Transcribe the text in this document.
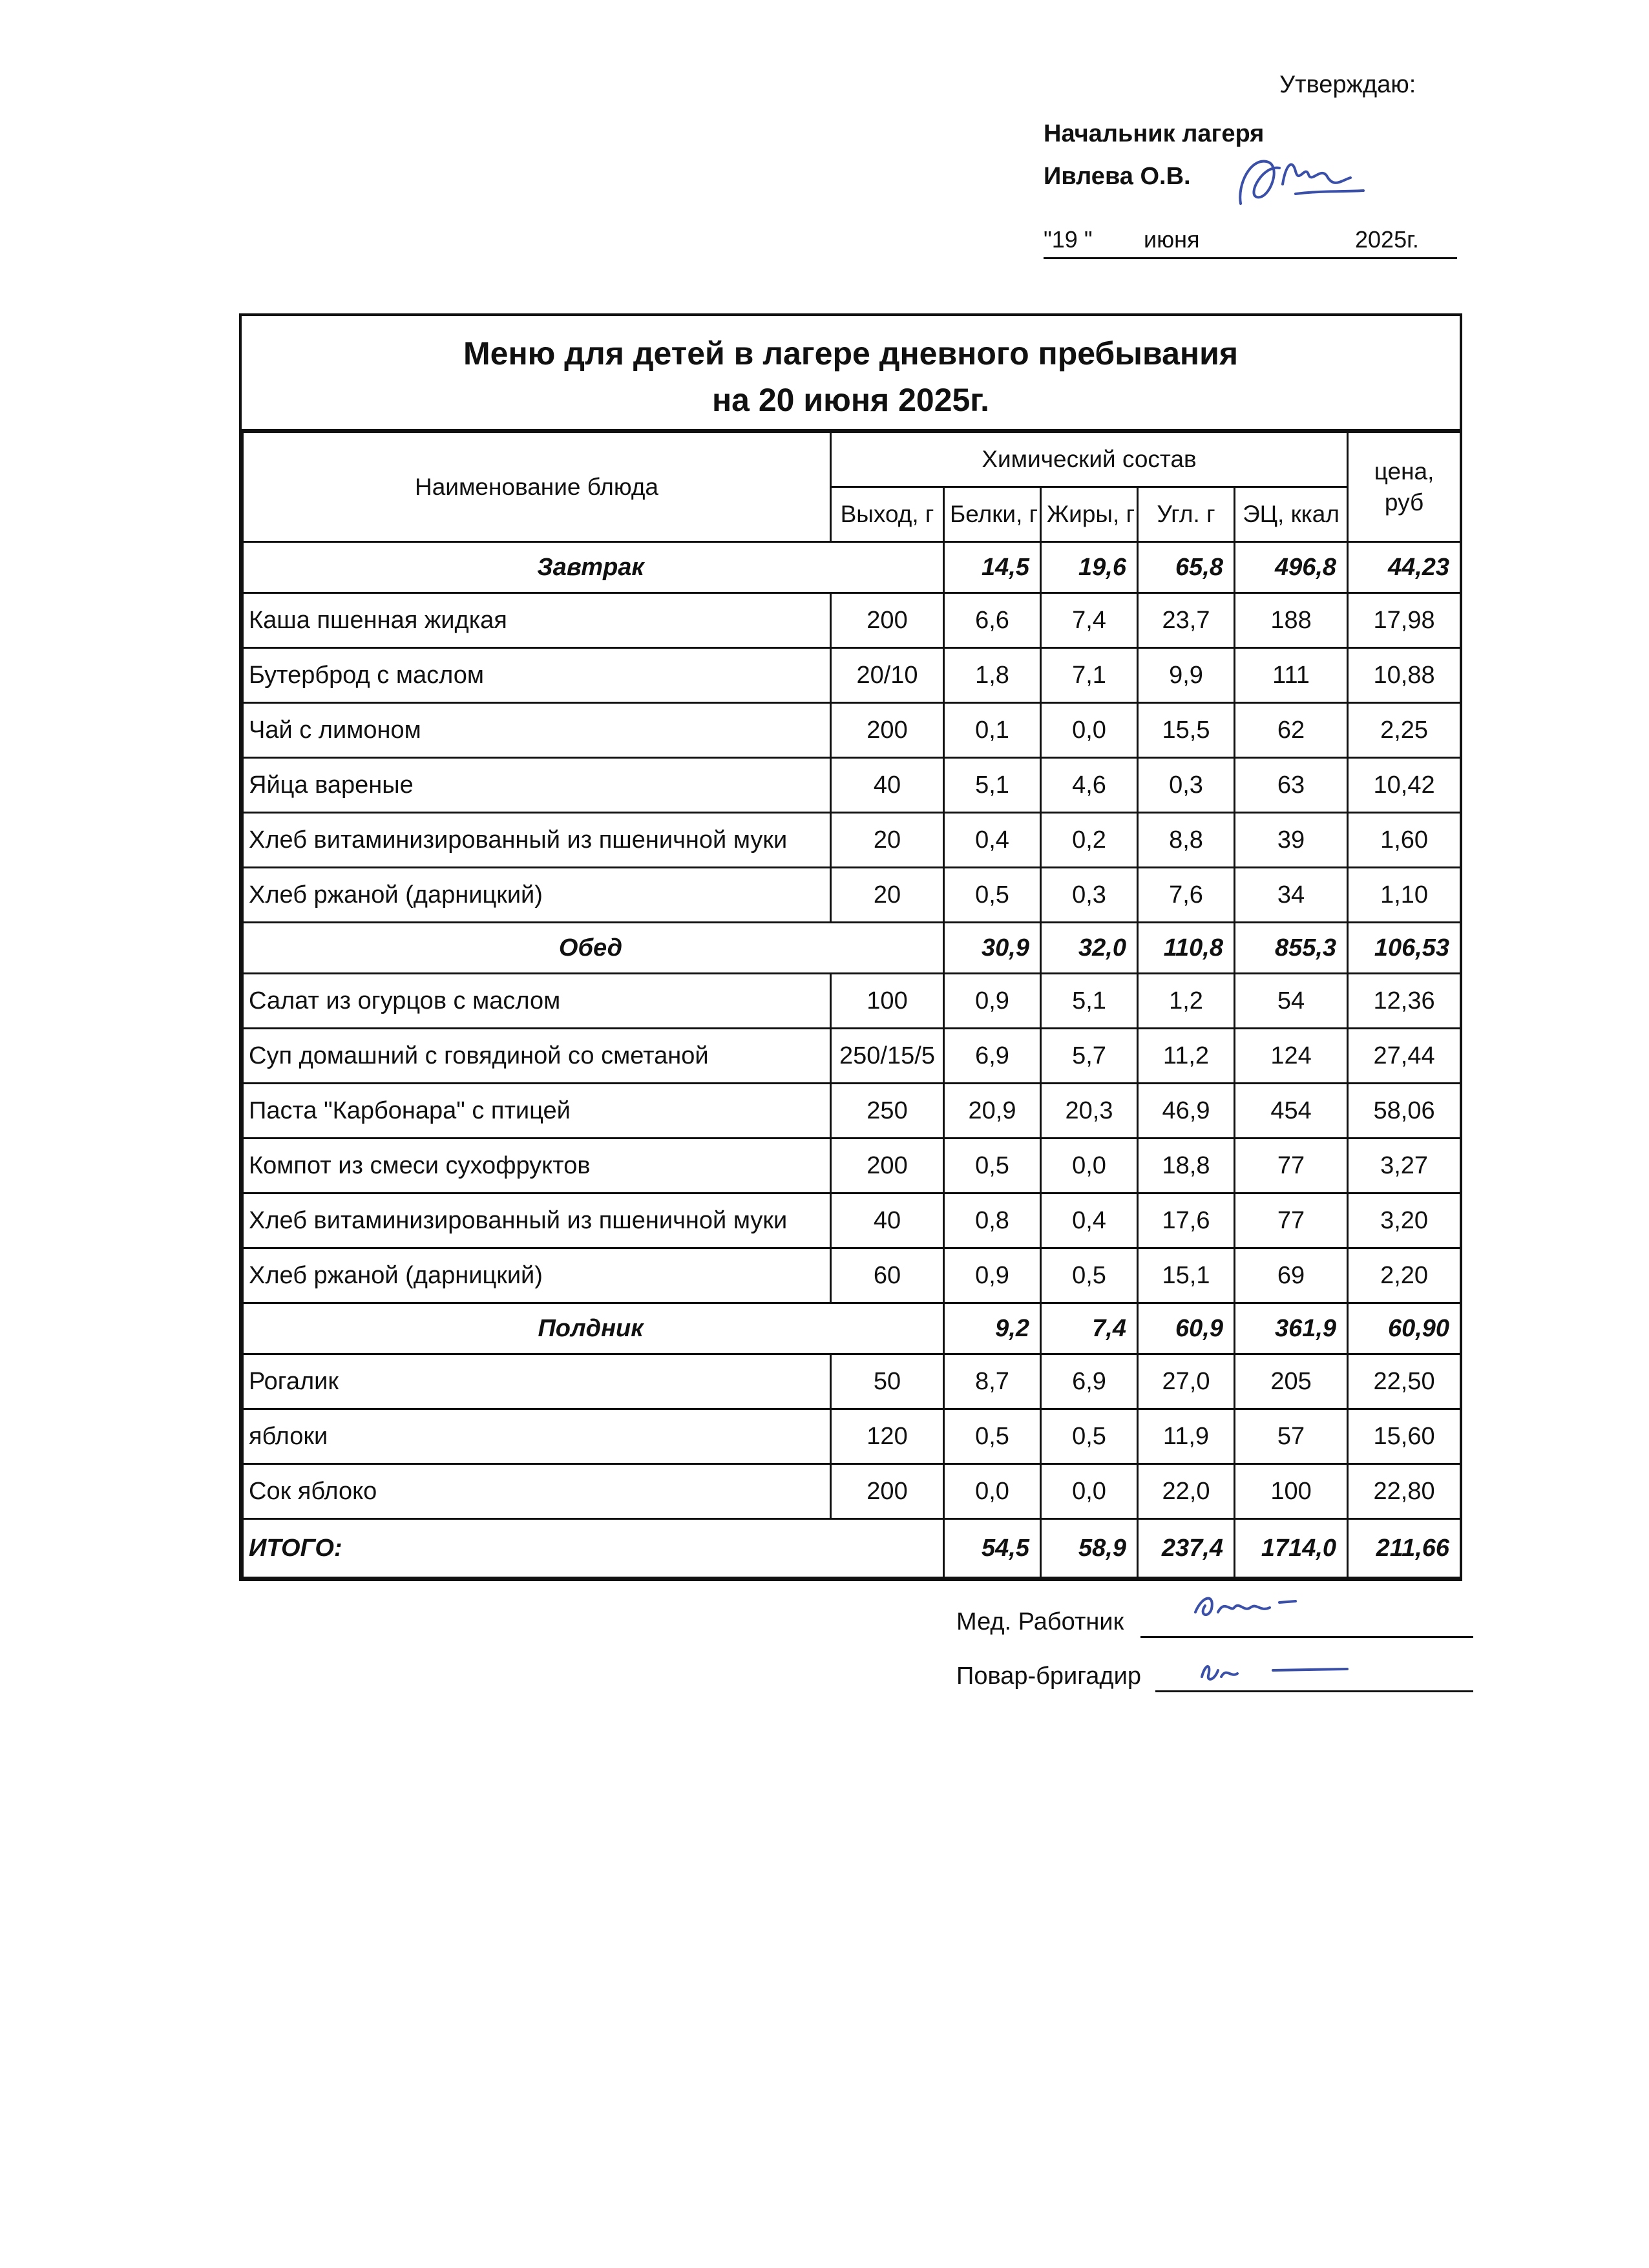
Утверждаю:
Начальник лагеря
Ивлева О.В.
"19 " июня	2025г.
Меню для детей в лагере дневного пребывания
на 20 июня 2025г.
Наименование блюда	Химический состав					цена, руб
	Выход, г	Белки, г	Жиры, г	Угл. г	ЭЦ, ккал	
Завтрак		14,5	19,6	65,8	496,8	44,23
Каша пшенная жидкая	200	6,6	7,4	23,7	188	17,98
Бутерброд с маслом	20/10	1,8	7,1	9,9	111	10,88
Чай с лимоном	200	0,1	0,0	15,5	62	2,25
Яйца вареные	40	5,1	4,6	0,3	63	10,42
Хлеб витаминизированный из пшеничной муки	20	0,4	0,2	8,8	39	1,60
Хлеб ржаной (дарницкий)	20	0,5	0,3	7,6	34	1,10
Обед		30,9	32,0	110,8	855,3	106,53
Салат из огурцов с маслом	100	0,9	5,1	1,2	54	12,36
Суп домашний с говядиной со сметаной	250/15/5	6,9	5,7	11,2	124	27,44
Паста "Карбонара" с птицей	250	20,9	20,3	46,9	454	58,06
Компот из смеси сухофруктов	200	0,5	0,0	18,8	77	3,27
Хлеб витаминизированный из пшеничной муки	40	0,8	0,4	17,6	77	3,20
Хлеб ржаной (дарницкий)	60	0,9	0,5	15,1	69	2,20
Полдник		9,2	7,4	60,9	361,9	60,90
Рогалик	50	8,7	6,9	27,0	205	22,50
яблоки	120	0,5	0,5	11,9	57	15,60
Сок яблоко	200	0,0	0,0	22,0	100	22,80
ИТОГО:		54,5	58,9	237,4	1714,0	211,66
Мед. Работник
Повар-бригадир
